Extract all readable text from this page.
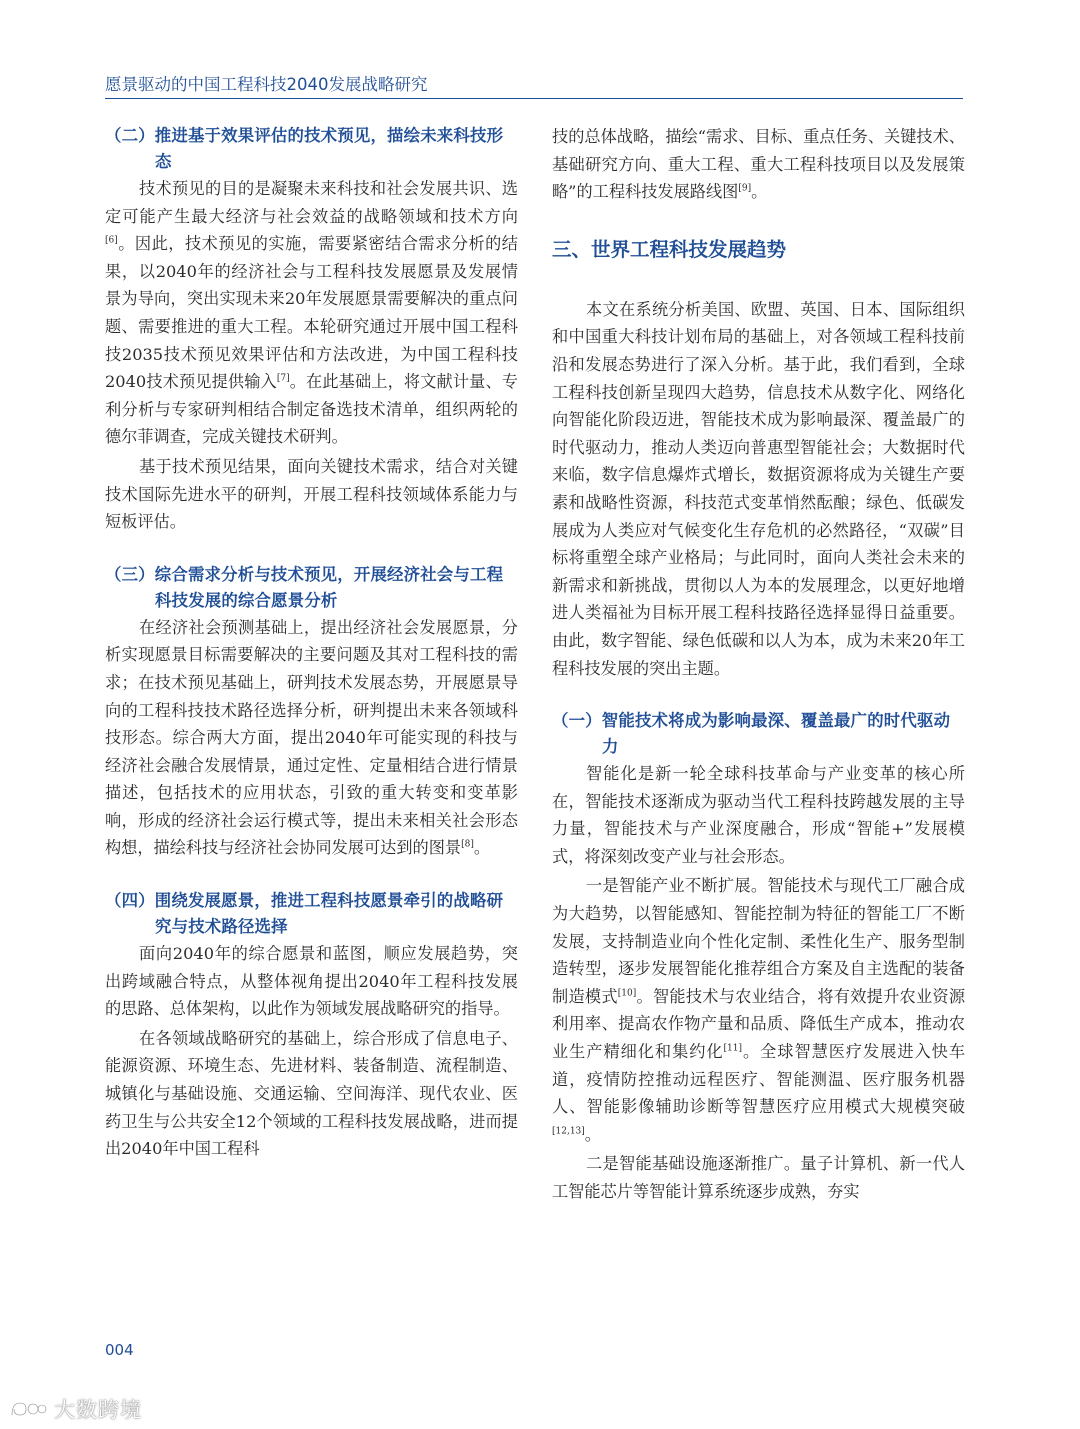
愿景驱动的中国工程科技2040发展战略研究
（二）推进基于效果评估的技术预见，描绘未来科技形态

技术预见的目的是凝聚未来科技和社会发展共识、选定可能产生最大经济与社会效益的战略领域和技术方向[6]。因此，技术预见的实施，需要紧密结合需求分析的结果，以2040年的经济社会与工程科技发展愿景及发展情景为导向，突出实现未来20年发展愿景需要解决的重点问题、需要推进的重大工程。本轮研究通过开展中国工程科技2035技术预见效果评估和方法改进，为中国工程科技2040技术预见提供输入[7]。在此基础上，将文献计量、专利分析与专家研判相结合制定备选技术清单，组织两轮的德尔菲调查，完成关键技术研判。

基于技术预见结果，面向关键技术需求，结合对关键技术国际先进水平的研判，开展工程科技领域体系能力与短板评估。

（三）综合需求分析与技术预见，开展经济社会与工程科技发展的综合愿景分析

在经济社会预测基础上，提出经济社会发展愿景，分析实现愿景目标需要解决的主要问题及其对工程科技的需求；在技术预见基础上，研判技术发展态势，开展愿景导向的工程科技技术路径选择分析，研判提出未来各领域科技形态。综合两大方面，提出2040年可能实现的科技与经济社会融合发展情景，通过定性、定量相结合进行情景描述，包括技术的应用状态，引致的重大转变和变革影响，形成的经济社会运行模式等，提出未来相关社会形态构想，描绘科技与经济社会协同发展可达到的图景[8]。

（四）围绕发展愿景，推进工程科技愿景牵引的战略研究与技术路径选择

面向2040年的综合愿景和蓝图，顺应发展趋势，突出跨域融合特点，从整体视角提出2040年工程科技发展的思路、总体架构，以此作为领域发展战略研究的指导。

在各领域战略研究的基础上，综合形成了信息电子、能源资源、环境生态、先进材料、装备制造、流程制造、城镇化与基础设施、交通运输、空间海洋、现代农业、医药卫生与公共安全12个领域的工程科技发展战略，进而提出2040年中国工程科

技的总体战略，描绘“需求、目标、重点任务、关键技术、基础研究方向、重大工程、重大工程科技项目以及发展策略”的工程科技发展路线图[9]。

三、世界工程科技发展趋势

本文在系统分析美国、欧盟、英国、日本、国际组织和中国重大科技计划布局的基础上，对各领域工程科技前沿和发展态势进行了深入分析。基于此，我们看到，全球工程科技创新呈现四大趋势，信息技术从数字化、网络化向智能化阶段迈进，智能技术成为影响最深、覆盖最广的时代驱动力，推动人类迈向普惠型智能社会；大数据时代来临，数字信息爆炸式增长，数据资源将成为关键生产要素和战略性资源，科技范式变革悄然酝酿；绿色、低碳发展成为人类应对气候变化生存危机的必然路径，“双碳”目标将重塑全球产业格局；与此同时，面向人类社会未来的新需求和新挑战，贯彻以人为本的发展理念，以更好地增进人类福祉为目标开展工程科技路径选择显得日益重要。由此，数字智能、绿色低碳和以人为本，成为未来20年工程科技发展的突出主题。

（一）智能技术将成为影响最深、覆盖最广的时代驱动力

智能化是新一轮全球科技革命与产业变革的核心所在，智能技术逐渐成为驱动当代工程科技跨越发展的主导力量，智能技术与产业深度融合，形成“智能+”发展模式，将深刻改变产业与社会形态。

一是智能产业不断扩展。智能技术与现代工厂融合成为大趋势，以智能感知、智能控制为特征的智能工厂不断发展，支持制造业向个性化定制、柔性化生产、服务型制造转型，逐步发展智能化推荐组合方案及自主选配的装备制造模式[10]。智能技术与农业结合，将有效提升农业资源利用率、提高农作物产量和品质、降低生产成本，推动农业生产精细化和集约化[11]。全球智慧医疗发展进入快车道，疫情防控推动远程医疗、智能测温、医疗服务机器人、智能影像辅助诊断等智慧医疗应用模式大规模突破[12,13]。

二是智能基础设施逐渐推广。量子计算机、新一代人工智能芯片等智能计算系统逐步成熟，夯实

004
大数跨境
